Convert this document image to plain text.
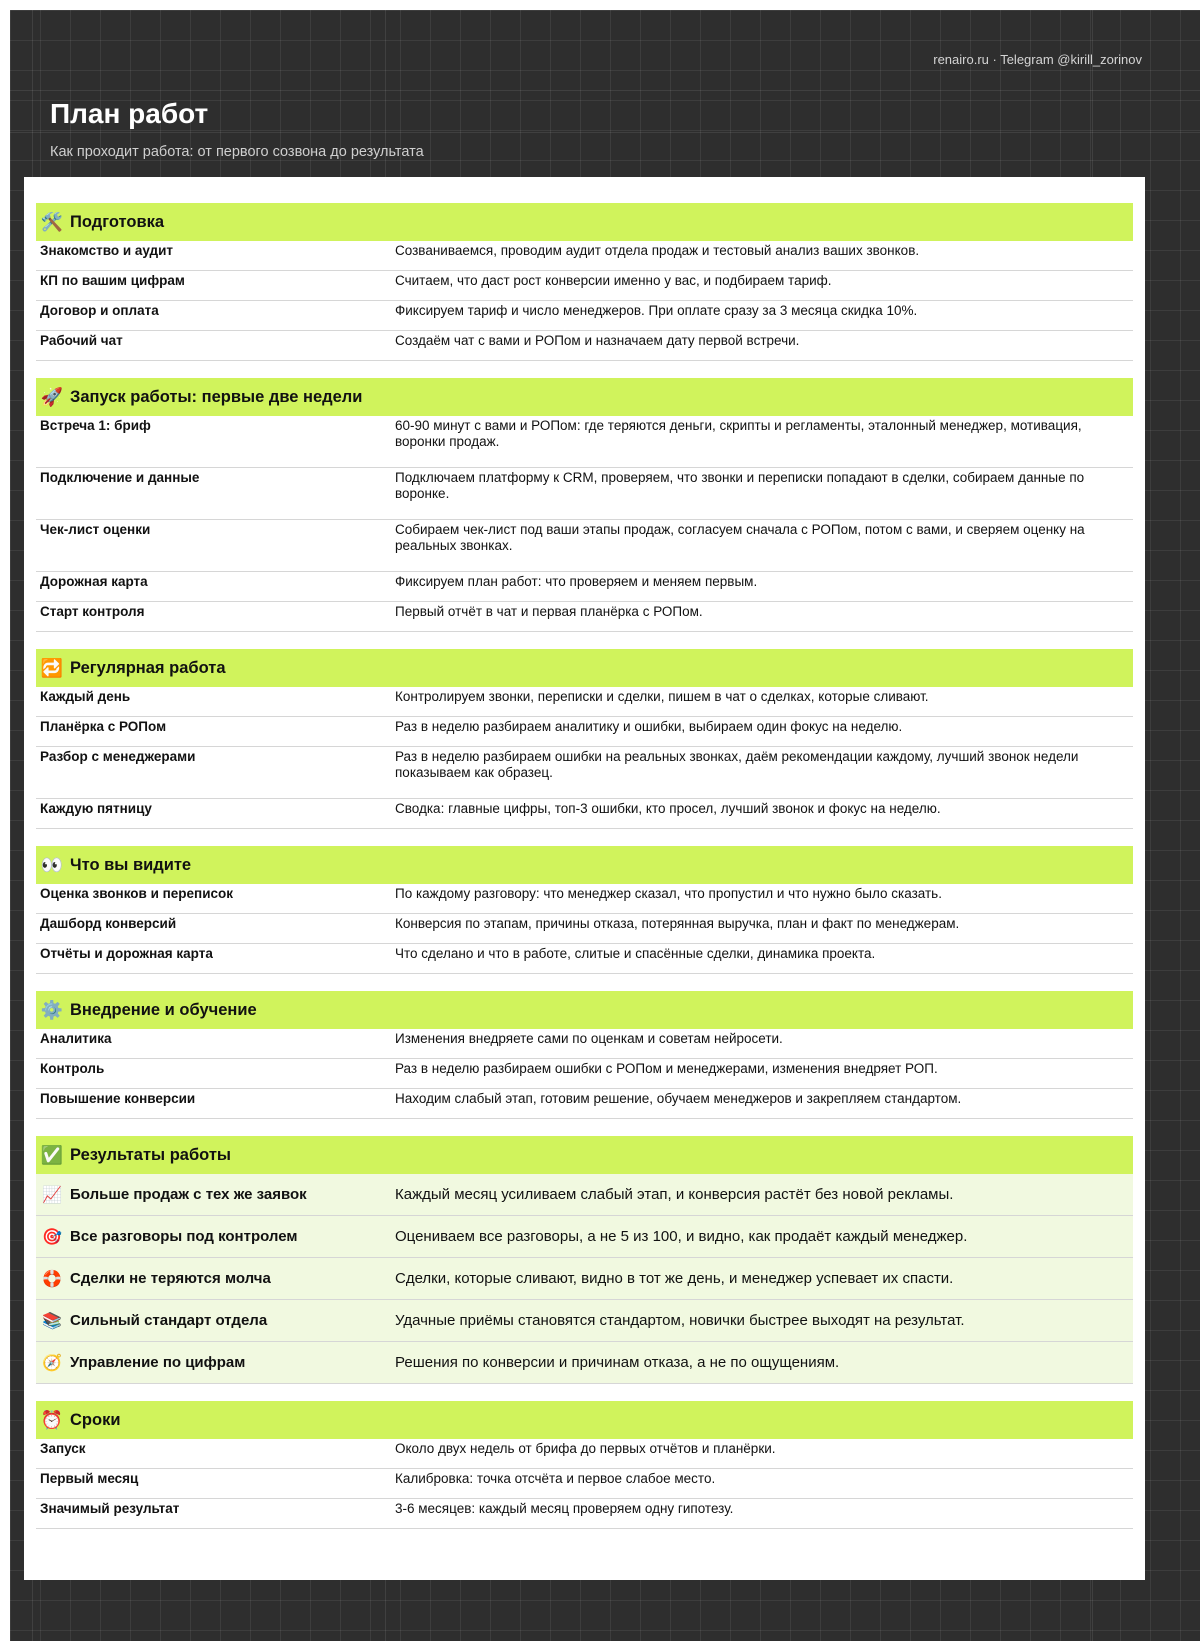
renairo.ru · Telegram @kirill_zorinov
План работ
Как проходит работа: от первого созвона до результата
🛠️ Подготовка
Знакомство и аудит	Созваниваемся, проводим аудит отдела продаж и тестовый анализ ваших звонков.
КП по вашим цифрам	Считаем, что даст рост конверсии именно у вас, и подбираем тариф.
Договор и оплата	Фиксируем тариф и число менеджеров. При оплате сразу за 3 месяца скидка 10%.
Рабочий чат	Создаём чат с вами и РОПом и назначаем дату первой встречи.
🚀 Запуск работы: первые две недели
Встреча 1: бриф	60-90 минут с вами и РОПом: где теряются деньги, скрипты и регламенты, эталонный менеджер, мотивация, воронки продаж.
Подключение и данные	Подключаем платформу к CRM, проверяем, что звонки и переписки попадают в сделки, собираем данные по воронке.
Чек-лист оценки	Собираем чек-лист под ваши этапы продаж, согласуем сначала с РОПом, потом с вами, и сверяем оценку на реальных звонках.
Дорожная карта	Фиксируем план работ: что проверяем и меняем первым.
Старт контроля	Первый отчёт в чат и первая планёрка с РОПом.
🔁 Регулярная работа
Каждый день	Контролируем звонки, переписки и сделки, пишем в чат о сделках, которые сливают.
Планёрка с РОПом	Раз в неделю разбираем аналитику и ошибки, выбираем один фокус на неделю.
Разбор с менеджерами	Раз в неделю разбираем ошибки на реальных звонках, даём рекомендации каждому, лучший звонок недели показываем как образец.
Каждую пятницу	Сводка: главные цифры, топ-3 ошибки, кто просел, лучший звонок и фокус на неделю.
👀 Что вы видите
Оценка звонков и переписок	По каждому разговору: что менеджер сказал, что пропустил и что нужно было сказать.
Дашборд конверсий	Конверсия по этапам, причины отказа, потерянная выручка, план и факт по менеджерам.
Отчёты и дорожная карта	Что сделано и что в работе, слитые и спасённые сделки, динамика проекта.
⚙️ Внедрение и обучение
Аналитика	Изменения внедряете сами по оценкам и советам нейросети.
Контроль	Раз в неделю разбираем ошибки с РОПом и менеджерами, изменения внедряет РОП.
Повышение конверсии	Находим слабый этап, готовим решение, обучаем менеджеров и закрепляем стандартом.
✅ Результаты работы
📈 Больше продаж с тех же заявок	Каждый месяц усиливаем слабый этап, и конверсия растёт без новой рекламы.
🎯 Все разговоры под контролем	Оцениваем все разговоры, а не 5 из 100, и видно, как продаёт каждый менеджер.
🛟 Сделки не теряются молча	Сделки, которые сливают, видно в тот же день, и менеджер успевает их спасти.
📚 Сильный стандарт отдела	Удачные приёмы становятся стандартом, новички быстрее выходят на результат.
🧭 Управление по цифрам	Решения по конверсии и причинам отказа, а не по ощущениям.
⏰ Сроки
Запуск	Около двух недель от брифа до первых отчётов и планёрки.
Первый месяц	Калибровка: точка отсчёта и первое слабое место.
Значимый результат	3-6 месяцев: каждый месяц проверяем одну гипотезу.
